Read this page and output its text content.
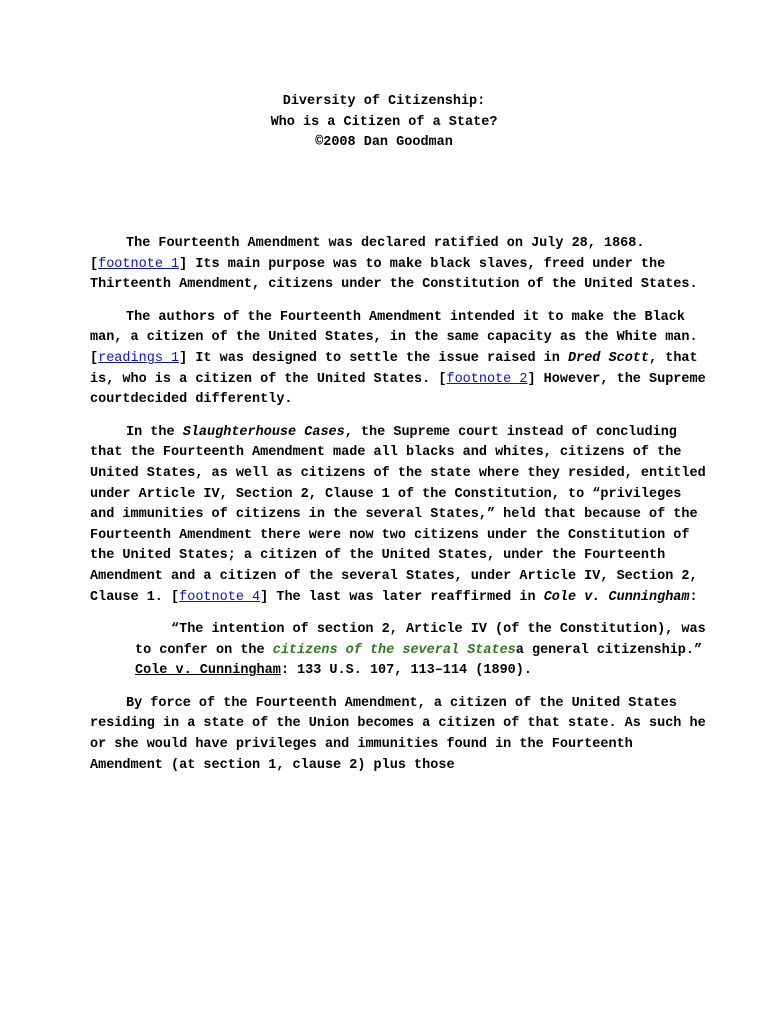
Diversity of Citizenship:
Who is a Citizen of a State?
©2008 Dan Goodman

The Fourteenth Amendment was declared ratified on July 28, 1868. [footnote 1] Its main purpose was to make black slaves, freed under the Thirteenth Amendment, citizens under the Constitution of the United States.

The authors of the Fourteenth Amendment intended it to make the Black man, a citizen of the United States, in the same capacity as the White man. [readings 1] It was designed to settle the issue raised in Dred Scott, that is, who is a citizen of the United States. [footnote 2] However, the Supreme courtdecided differently.

In the Slaughterhouse Cases, the Supreme court instead of concluding that the Fourteenth Amendment made all blacks and whites, citizens of the United States, as well as citizens of the state where they resided, entitled under Article IV, Section 2, Clause 1 of the Constitution, to “privileges and immunities of citizens in the several States,” held that because of the Fourteenth Amendment there were now two citizens under the Constitution of the United States; a citizen of the United States, under the Fourteenth Amendment and a citizen of the several States, under Article IV, Section 2, Clause 1. [footnote 4] The last was later reaffirmed in Cole v. Cunningham:

“The intention of section 2, Article IV (of the Constitution), was to confer on the citizens of the several Statesa general citizenship.” Cole v. Cunningham: 133 U.S. 107, 113–114 (1890).

By force of the Fourteenth Amendment, a citizen of the United States residing in a state of the Union becomes a citizen of that state. As such he or she would have privileges and immunities found in the Fourteenth Amendment (at section 1, clause 2) plus those
